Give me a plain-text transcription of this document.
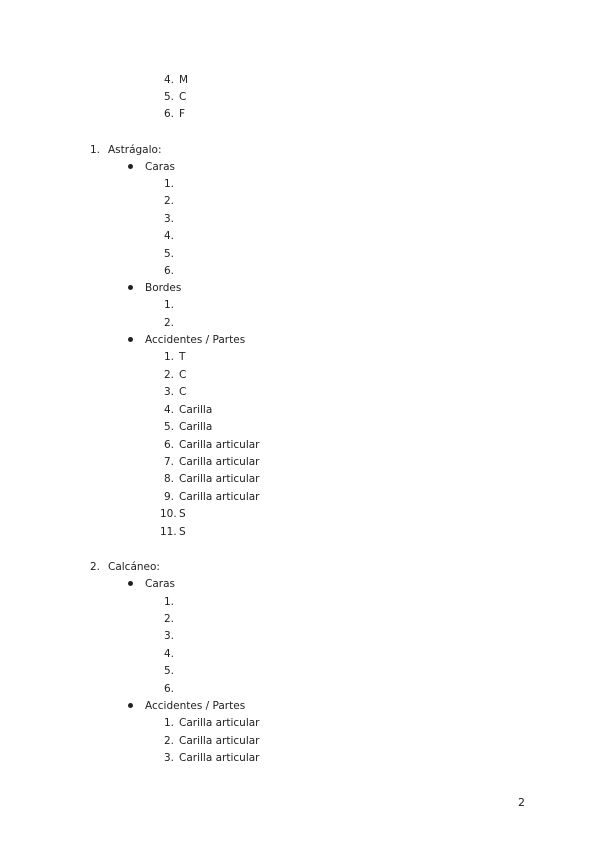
4. M
5. C
6. F
1. Astrágalo:
Caras
1.
2.
3.
4.
5.
6.
Bordes
1.
2.
Accidentes / Partes
1. T
2. C
3. C
4. Carilla
5. Carilla
6. Carilla articular
7. Carilla articular
8. Carilla articular
9. Carilla articular
10. S
11. S
2. Calcáneo:
Caras
1.
2.
3.
4.
5.
6.
Accidentes / Partes
1. Carilla articular
2. Carilla articular
3. Carilla articular
2
